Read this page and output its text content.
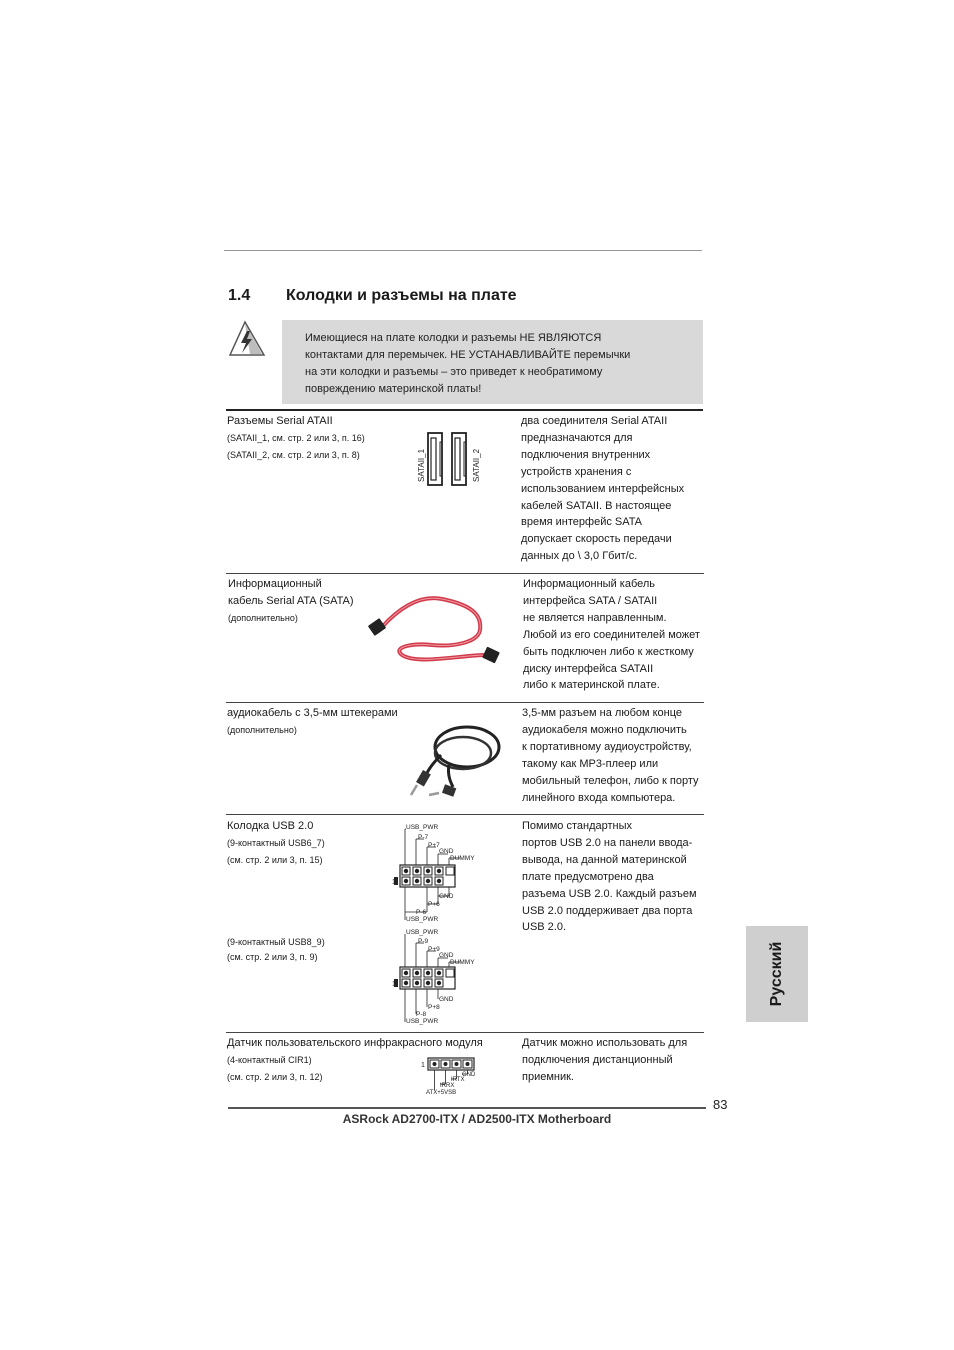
1.4 Колодки и разъемы на плате
Имеющиеся на плате колодки и разъемы НЕ ЯВЛЯЮТСЯ
контактами для перемычек. НЕ УСТАНАВЛИВАЙТЕ перемычки
на эти колодки и разъемы – это приведет к необратимому
повреждению материнской платы!
Разъемы Serial ATAII
(SATAII_1, см. стр. 2 или 3, п. 16)
(SATAII_2, см. стр. 2 или 3, п. 8)	SATAII_1	SATAII_2
два соединителя Serial ATAII
предназначаются для
подключения внутренних
устройств хранения с
использованием интерфейсных
кабелей SATAII. В настоящее
время интерфейс SATA
допускает скорость передачи
данных до \ 3,0 Гбит/с.
Информационный
кабель Serial ATA (SATA)
(дополнительно)
Информационный кабель
интерфейса SATA / SATAII
не является направленным.
Любой из его соединителей может
быть подключен либо к жесткому
диску интерфейса SATAII
либо к материнской плате.
аудиокабель с 3,5-мм штекерами
(дополнительно)
3,5-мм разъем на любом конце
аудиокабеля можно подключить
к портативному аудиоустройству,
такому как MP3-плеер или
мобильный телефон, либо к порту
линейного входа компьютера.
Колодка USB 2.0
(9-контактный USB6_7)
(см. стр. 2 или 3, п. 15)
(9-контактный USB8_9)
(см. стр. 2 или 3, п. 9)
1
USB_PWR
P-7
P+7
GND
DUMMY
GND
P+6
P-6
USB_PWR
1
USB_PWR
P-9
P+9
GND
DUMMY
GND
P+8
P-8
USB_PWR
Помимо стандартных
портов USB 2.0 на панели ввода-
вывода, на данной материнской
плате предусмотрено два
разъема USB 2.0. Каждый разъем
USB 2.0 поддерживает два порта
USB 2.0.
Датчик пользовательского инфракрасного модуля
(4-контактный CIR1)
(см. стр. 2 или 3, п. 12)
1
GND
IRTX
IRRX
ATX+5VSB
Датчик можно использовать для
подключения дистанционный
приемник.
Русский
83
ASRock AD2700-ITX / AD2500-ITX Motherboard
